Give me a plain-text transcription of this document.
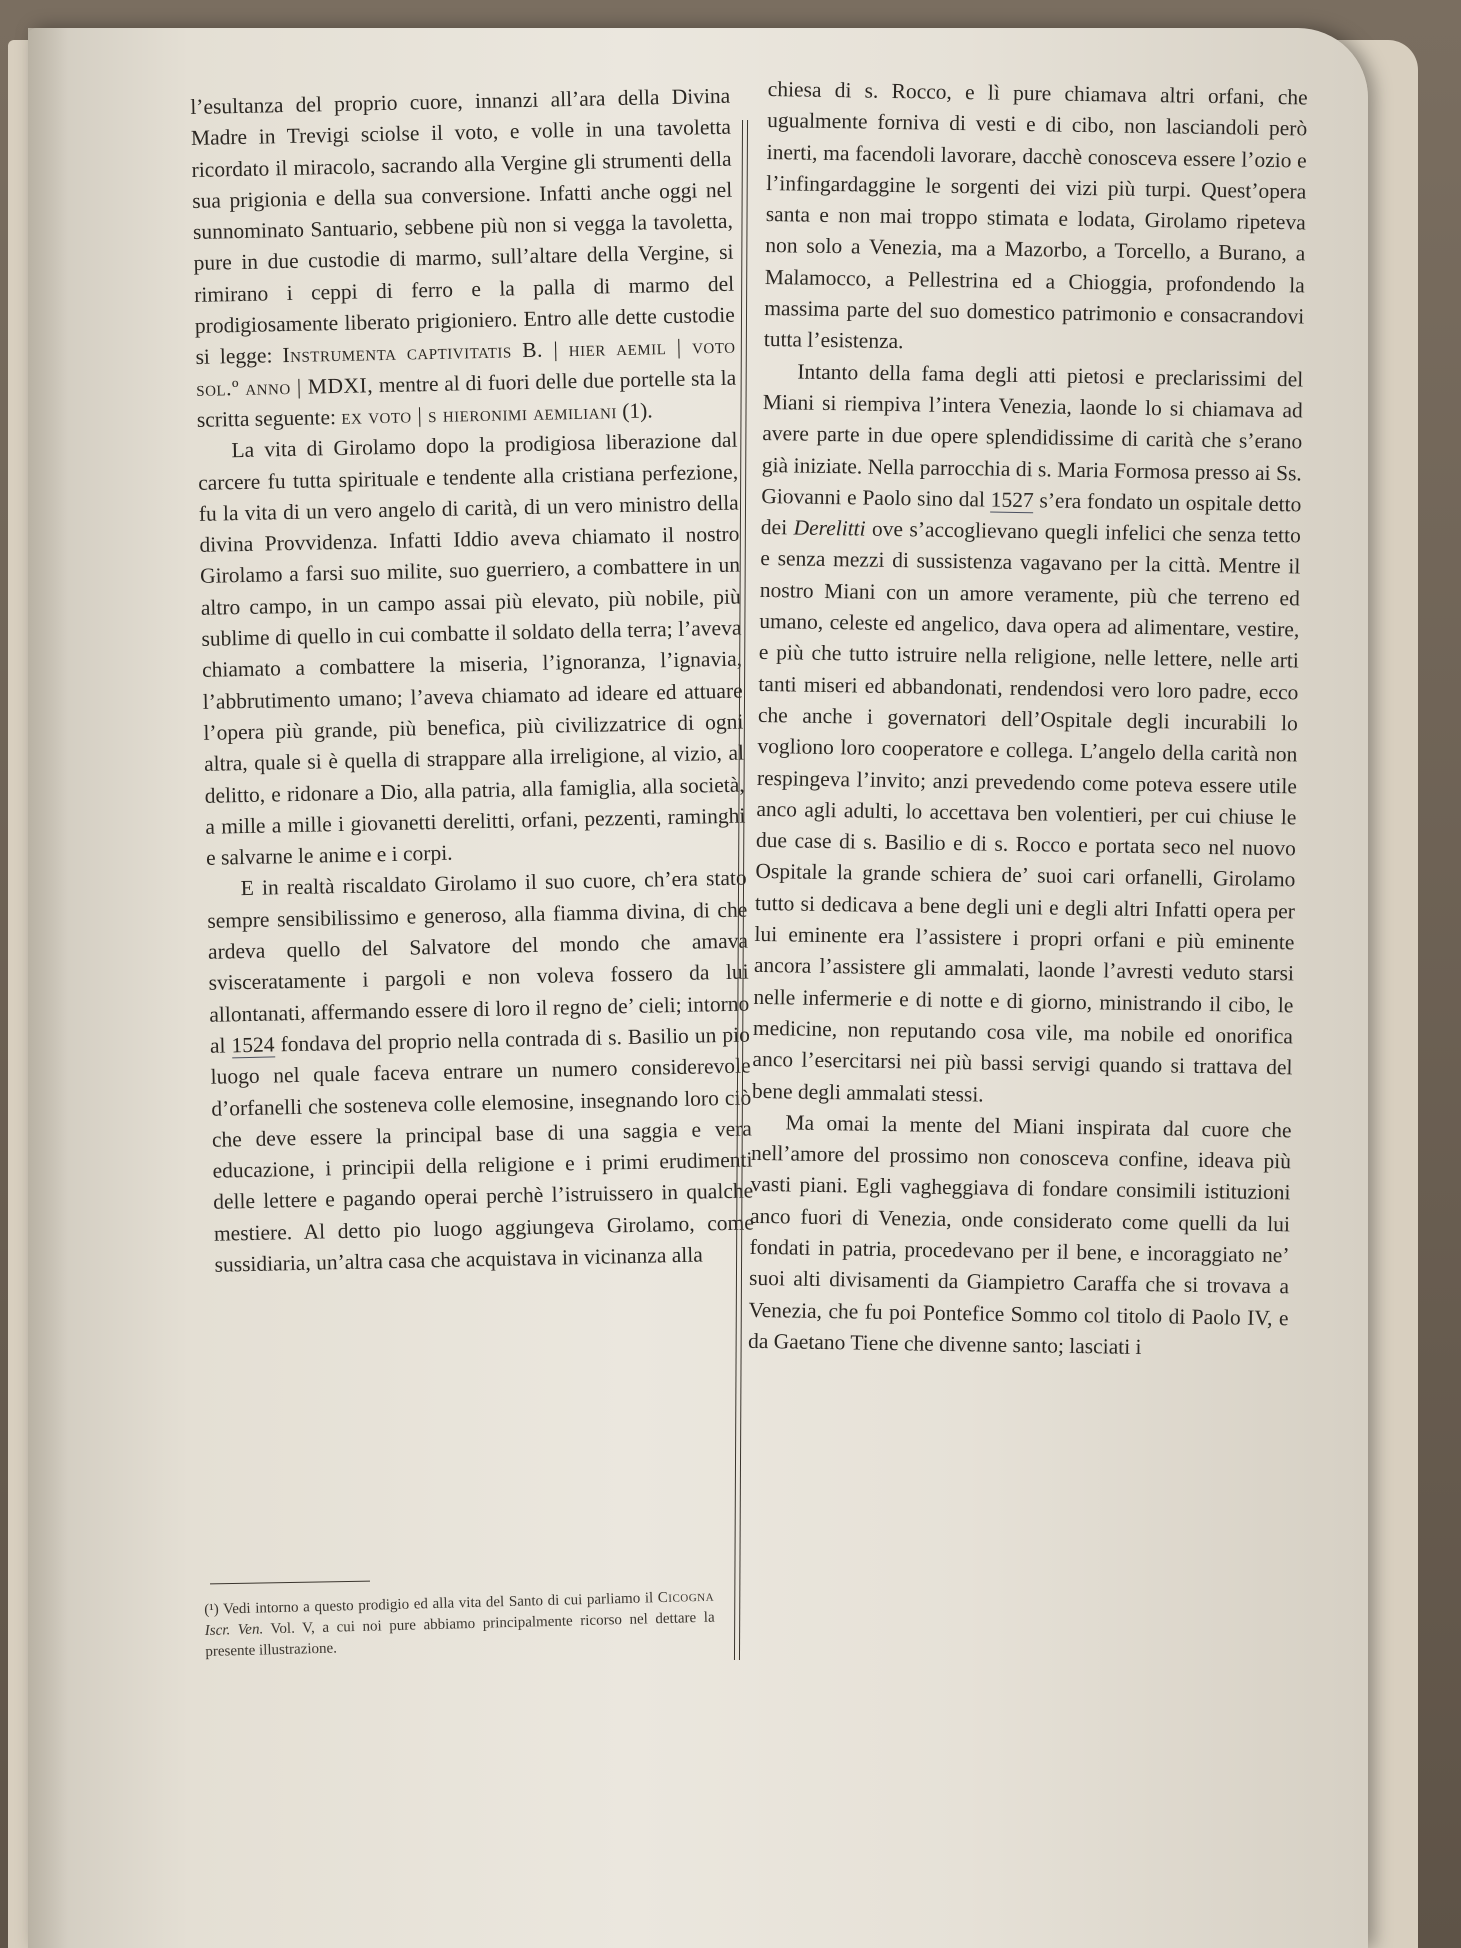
l’esultanza del proprio cuore, innanzi all’ara della Divina Madre in Trevigi sciolse il voto, e volle in una tavoletta ricordato il miracolo, sacrando alla Vergine gli strumenti della sua prigionia e della sua conversione. Infatti anche oggi nel sunnominato Santuario, sebbene più non si vegga la tavoletta, pure in due custodie di marmo, sull’altare della Vergine, si rimirano i ceppi di ferro e la palla di marmo del prodigiosamente liberato prigioniero. Entro alle dette custodie si legge: Instrumenta captivitatis B. | hier aemil | voto sol.º anno | MDXI, mentre al di fuori delle due portelle sta la scritta seguente: ex voto | s hieronimi aemiliani (1).

La vita di Girolamo dopo la prodigiosa liberazione dal carcere fu tutta spirituale e tendente alla cristiana perfezione, fu la vita di un vero angelo di carità, di un vero ministro della divina Provvidenza. Infatti Iddio aveva chiamato il nostro Girolamo a farsi suo milite, suo guerriero, a combattere in un altro campo, in un campo assai più elevato, più nobile, più sublime di quello in cui combatte il soldato della terra; l’aveva chiamato a combattere la miseria, l’ignoranza, l’ignavia, l’abbrutimento umano; l’aveva chiamato ad ideare ed attuare l’opera più grande, più benefica, più civilizzatrice di ogni altra, quale si è quella di strappare alla irreligione, al vizio, al delitto, e ridonare a Dio, alla patria, alla famiglia, alla società, a mille a mille i giovanetti derelitti, orfani, pezzenti, raminghi e salvarne le anime e i corpi.

E in realtà riscaldato Girolamo il suo cuore, ch’era stato sempre sensibilissimo e generoso, alla fiamma divina, di che ardeva quello del Salvatore del mondo che amava svisceratamente i pargoli e non voleva fossero da lui allontanati, affermando essere di loro il regno de’ cieli; intorno al 1524 fondava del proprio nella contrada di s. Basilio un pio luogo nel quale faceva entrare un numero considerevole d’orfanelli che sosteneva colle elemosine, insegnando loro ciò che deve essere la principal base di una saggia e vera educazione, i principii della religione e i primi erudimenti delle lettere e pagando operai perchè l’istruissero in qualche mestiere. Al detto pio luogo aggiungeva Girolamo, come sussidiaria, un’altra casa che acquistava in vicinanza alla

(¹) Vedi intorno a questo prodigio ed alla vita del Santo di cui parliamo il Cicogna Iscr. Ven. Vol. V, a cui noi pure abbiamo principalmente ricorso nel dettare la presente illustrazione.

chiesa di s. Rocco, e lì pure chiamava altri orfani, che ugualmente forniva di vesti e di cibo, non lasciandoli però inerti, ma facendoli lavorare, dacchè conosceva essere l’ozio e l’infingardaggine le sorgenti dei vizi più turpi. Quest’opera santa e non mai troppo stimata e lodata, Girolamo ripeteva non solo a Venezia, ma a Mazorbo, a Torcello, a Burano, a Malamocco, a Pellestrina ed a Chioggia, profondendo la massima parte del suo domestico patrimonio e consacrandovi tutta l’esistenza.

Intanto della fama degli atti pietosi e preclarissimi del Miani si riempiva l’intera Venezia, laonde lo si chiamava ad avere parte in due opere splendidissime di carità che s’erano già iniziate. Nella parrocchia di s. Maria Formosa presso ai Ss. Giovanni e Paolo sino dal 1527 s’era fondato un ospitale detto dei Derelitti ove s’accoglievano quegli infelici che senza tetto e senza mezzi di sussistenza vagavano per la città. Mentre il nostro Miani con un amore veramente, più che terreno ed umano, celeste ed angelico, dava opera ad alimentare, vestire, e più che tutto istruire nella religione, nelle lettere, nelle arti tanti miseri ed abbandonati, rendendosi vero loro padre, ecco che anche i governatori dell’Ospitale degli incurabili lo vogliono loro cooperatore e collega. L’angelo della carità non respingeva l’invito; anzi prevedendo come poteva essere utile anco agli adulti, lo accettava ben volentieri, per cui chiuse le due case di s. Basilio e di s. Rocco e portata seco nel nuovo Ospitale la grande schiera de’ suoi cari orfanelli, Girolamo tutto si dedicava a bene degli uni e degli altri Infatti opera per lui eminente era l’assistere i propri orfani e più eminente ancora l’assistere gli ammalati, laonde l’avresti veduto starsi nelle infermerie e di notte e di giorno, ministrando il cibo, le medicine, non reputando cosa vile, ma nobile ed onorifica anco l’esercitarsi nei più bassi servigi quando si trattava del bene degli ammalati stessi.

Ma omai la mente del Miani inspirata dal cuore che nell’amore del prossimo non conosceva confine, ideava più vasti piani. Egli vagheggiava di fondare consimili istituzioni anco fuori di Venezia, onde considerato come quelli da lui fondati in patria, procedevano per il bene, e incoraggiato ne’ suoi alti divisamenti da Giampietro Caraffa che si trovava a Venezia, che fu poi Pontefice Sommo col titolo di Paolo IV, e da Gaetano Tiene che divenne santo; lasciati i
